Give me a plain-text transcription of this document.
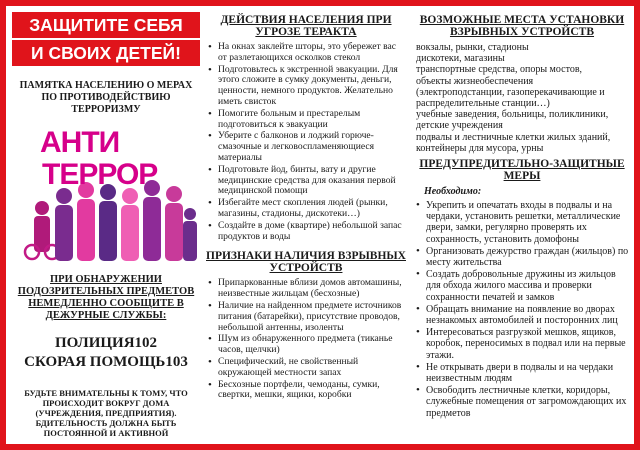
ЗАЩИТИТЕ СЕБЯ
И СВОИХ ДЕТЕЙ!
ПАМЯТКА НАСЕЛЕНИЮ О МЕРАХ ПО ПРОТИВОДЕЙСТВИЮ ТЕРРОРИЗМУ
АНТИ
ТЕРРОР
ПРИ ОБНАРУЖЕНИИ ПОДОЗРИТЕЛЬНЫХ ПРЕДМЕТОВ НЕМЕДЛЕННО СООБЩИТЕ В ДЕЖУРНЫЕ СЛУЖБЫ:
ПОЛИЦИЯ102
СКОРАЯ ПОМОЩЬ103
БУДЬТЕ ВНИМАТЕЛЬНЫ К ТОМУ, ЧТО ПРОИСХОДИТ ВОКРУГ ДОМА (УЧРЕЖДЕНИЯ, ПРЕДПРИЯТИЯ). БДИТЕЛЬНОСТЬ ДОЛЖНА БЫТЬ ПОСТОЯННОЙ И АКТИВНОЙ
ДЕЙСТВИЯ НАСЕЛЕНИЯ ПРИ УГРОЗЕ ТЕРАКТА
• На окнах заклейте шторы, это убережет вас от разлетающихся осколков стекол
• Подготовьтесь к экстренной эвакуации. Для этого сложите в сумку документы, деньги, ценности, немного продуктов. Желательно иметь свисток
• Помогите больным и престарелым подготовиться к эвакуации
• Уберите с балконов и лоджий горюче-смазочные и легковоспламеняющиеся материалы
• Подготовьте йод, бинты, вату и другие медицинские средства для оказания первой медицинской помощи
• Избегайте мест скопления людей (рынки, магазины, стадионы, дискотеки…)
• Создайте в доме (квартире) небольшой запас продуктов и воды
ПРИЗНАКИ НАЛИЧИЯ ВЗРЫВНЫХ УСТРОЙСТВ
• Припаркованные вблизи домов автомашины, неизвестные жильцам (бесхозные)
• Наличие на найденном предмете источников питания (батарейки), присутствие проводов, небольшой антенны, изоленты
• Шум из обнаруженного предмета (тиканье часов, щелчки)
• Специфический, не свойственный окружающей местности запах
• Бесхозные портфели, чемоданы, сумки, свертки, мешки, ящики, коробки
ВОЗМОЖНЫЕ МЕСТА УСТАНОВКИ ВЗРЫВНЫХ УСТРОЙСТВ
вокзалы, рынки, стадионы
дискотеки, магазины
транспортные средства, опоры мостов,
объекты жизнеобеспечения
(электроподстанции, газоперекачивающие и распределительные станции…)
учебные заведения, больницы, поликлиники, детские учреждения
подвалы и лестничные клетки жилых зданий, контейнеры для мусора, урны
ПРЕДУПРЕДИТЕЛЬНО-ЗАЩИТНЫЕ МЕРЫ
Необходимо:
• Укрепить и опечатать входы в подвалы и на чердаки, установить решетки, металлические двери, замки, регулярно проверять их сохранность, установить домофоны
• Организовать дежурство граждан (жильцов) по месту жительства
• Создать добровольные дружины из жильцов для обхода жилого массива и проверки сохранности печатей и замков
• Обращать внимание на появление во дворах незнакомых автомобилей и посторонних лиц
• Интересоваться разгрузкой мешков, ящиков, коробок, переносимых в подвал или на первые этажи.
• Не открывать двери в подвалы и на чердаки неизвестным людям
• Освободить лестничные клетки, коридоры, служебные помещения от загромождающих их предметов
